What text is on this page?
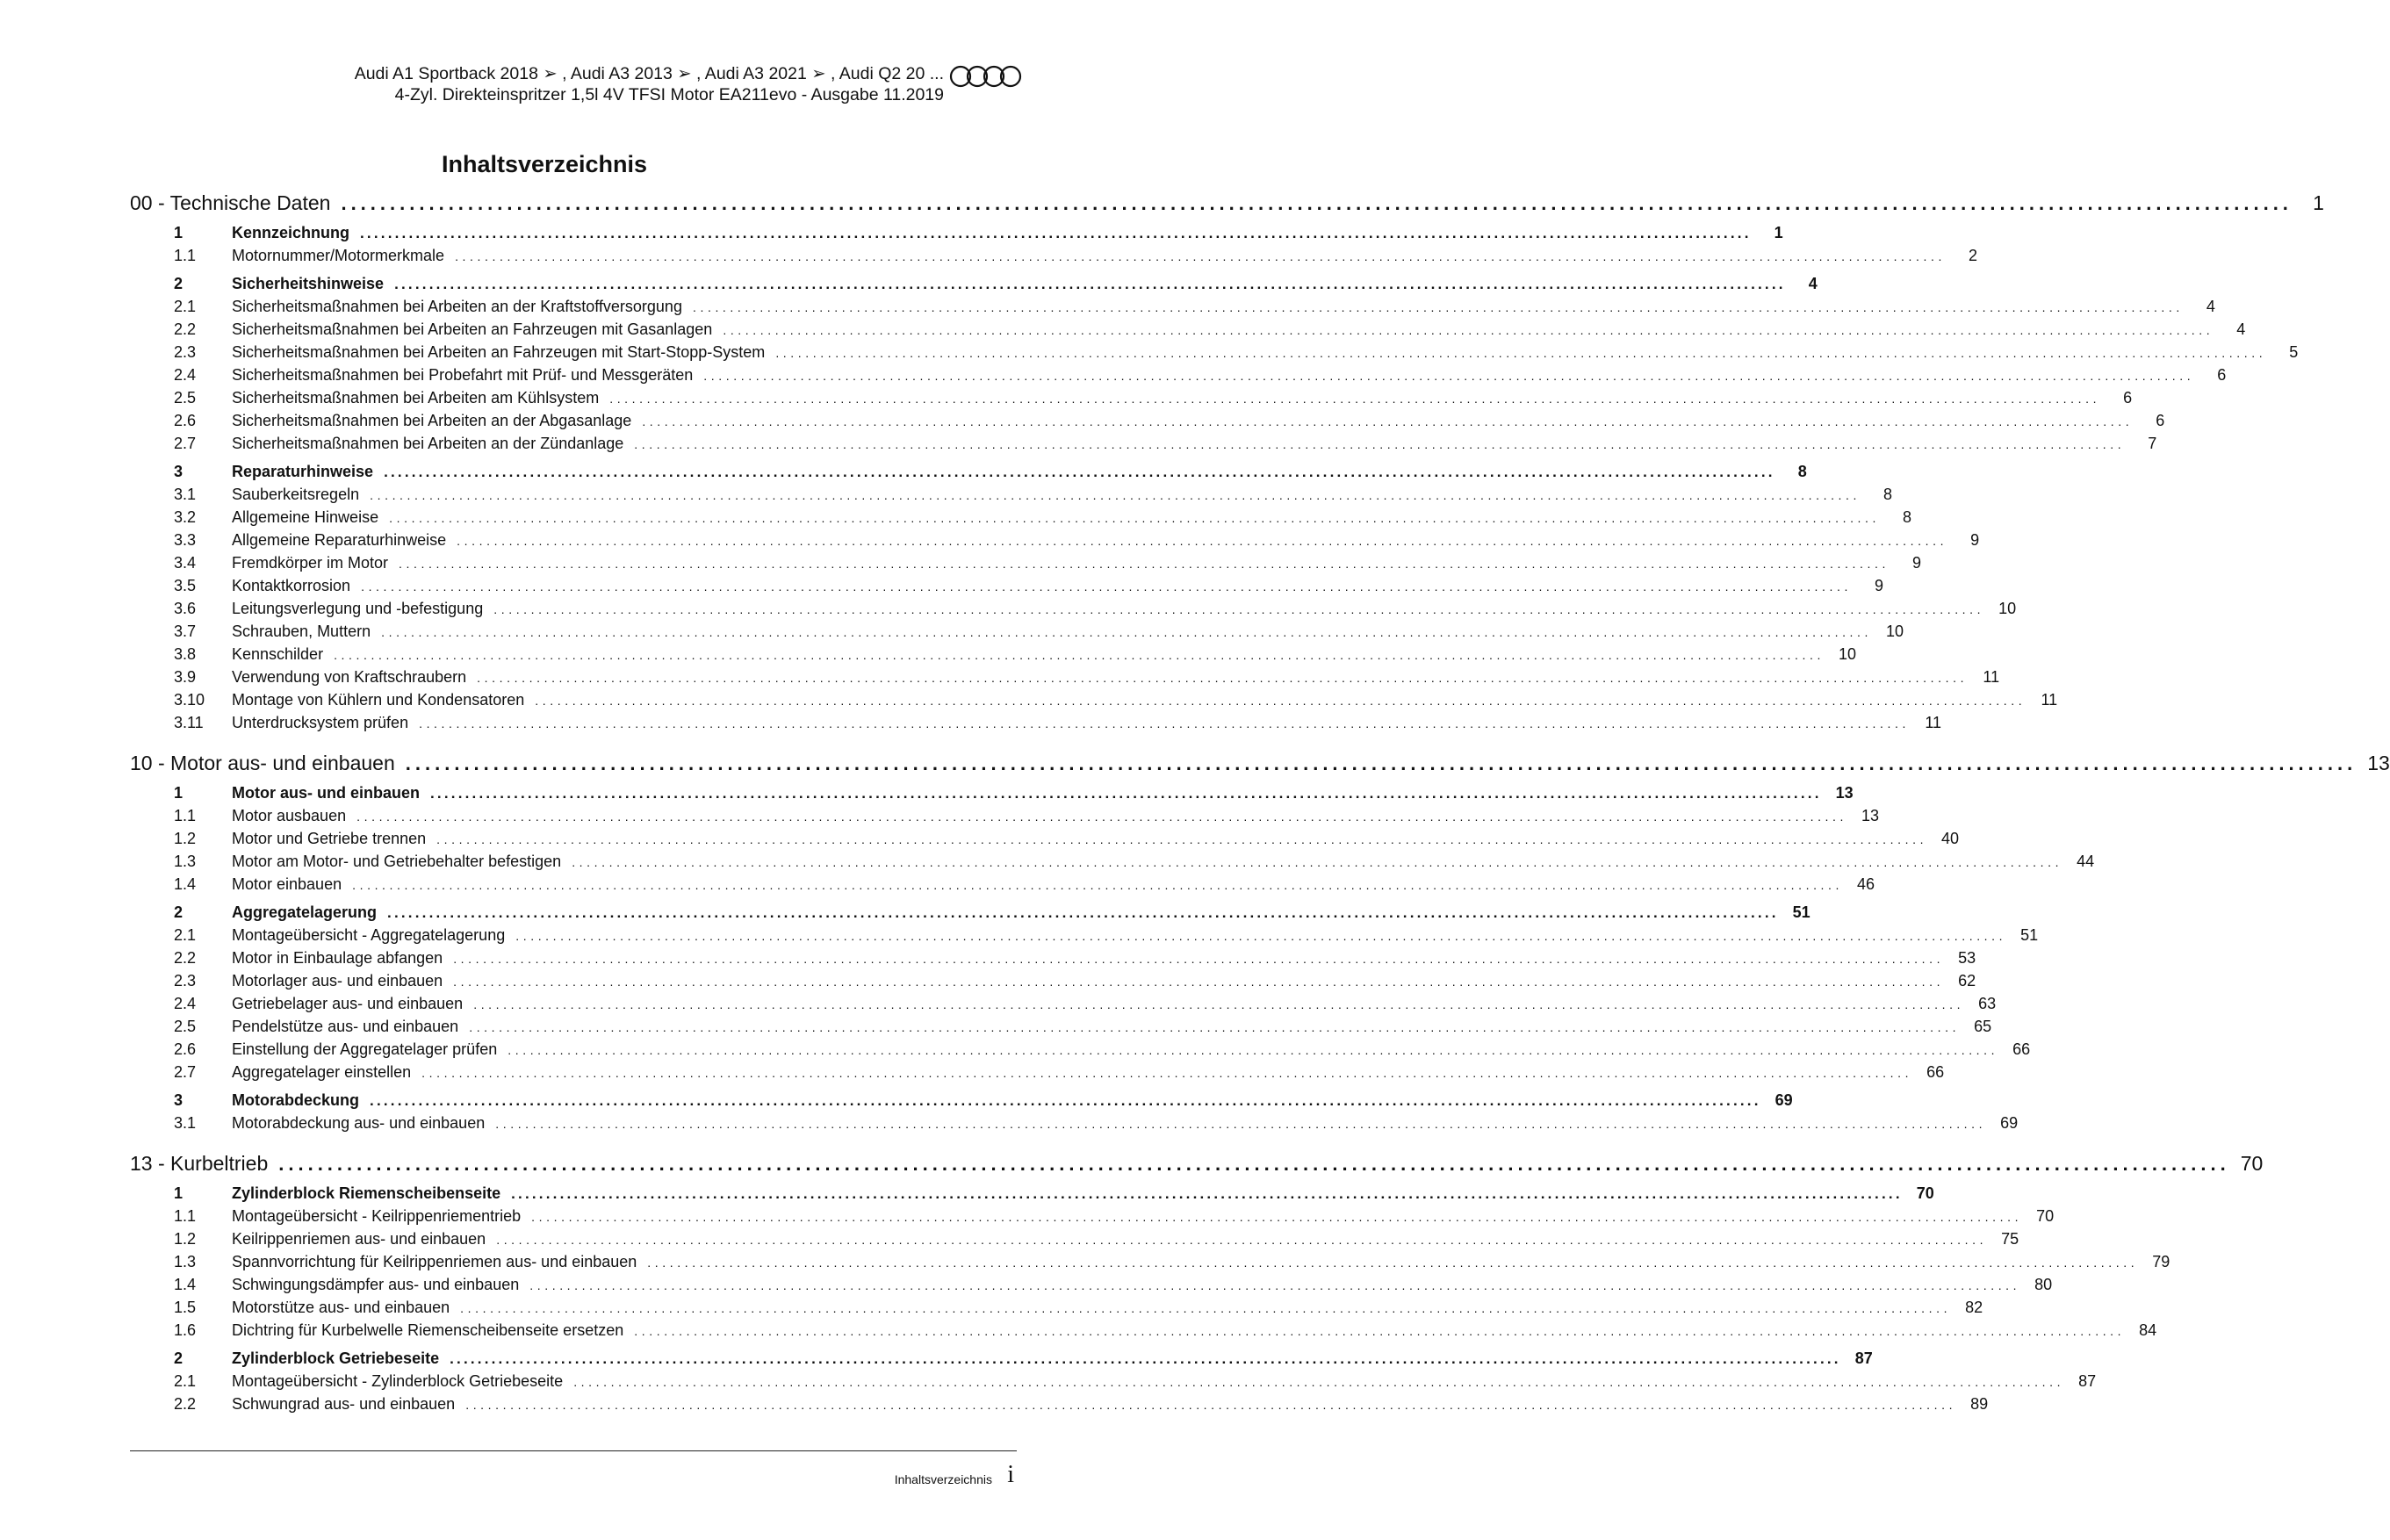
Audi A1 Sportback 2018 ➢ , Audi A3 2013 ➢ , Audi A3 2021 ➢ , Audi Q2 20 ...
4-Zyl. Direkteinspritzer 1,5l 4V TFSI Motor EA211evo - Ausgabe 11.2019
Inhaltsverzeichnis
00 - Technische Daten ........................................................................................................................................................................................................	1
1	Kennzeichnung ........................................................................................................................................................................................................	1
1.1	Motornummer/Motormerkmale ........................................................................................................................................................................................................	2
2	Sicherheitshinweise ........................................................................................................................................................................................................	4
2.1	Sicherheitsmaßnahmen bei Arbeiten an der Kraftstoffversorgung ........................................................................................................................................................................................................	4
2.2	Sicherheitsmaßnahmen bei Arbeiten an Fahrzeugen mit Gasanlagen ........................................................................................................................................................................................................	4
2.3	Sicherheitsmaßnahmen bei Arbeiten an Fahrzeugen mit Start-Stopp-System ........................................................................................................................................................................................................	5
2.4	Sicherheitsmaßnahmen bei Probefahrt mit Prüf- und Messgeräten ........................................................................................................................................................................................................	6
2.5	Sicherheitsmaßnahmen bei Arbeiten am Kühlsystem ........................................................................................................................................................................................................	6
2.6	Sicherheitsmaßnahmen bei Arbeiten an der Abgasanlage ........................................................................................................................................................................................................	6
2.7	Sicherheitsmaßnahmen bei Arbeiten an der Zündanlage ........................................................................................................................................................................................................	7
3	Reparaturhinweise ........................................................................................................................................................................................................	8
3.1	Sauberkeitsregeln ........................................................................................................................................................................................................	8
3.2	Allgemeine Hinweise ........................................................................................................................................................................................................	8
3.3	Allgemeine Reparaturhinweise ........................................................................................................................................................................................................	9
3.4	Fremdkörper im Motor ........................................................................................................................................................................................................	9
3.5	Kontaktkorrosion ........................................................................................................................................................................................................	9
3.6	Leitungsverlegung und -befestigung ........................................................................................................................................................................................................ 10
3.7	Schrauben, Muttern ........................................................................................................................................................................................................ 10
3.8	Kennschilder ........................................................................................................................................................................................................ 10
3.9	Verwendung von Kraftschraubern ........................................................................................................................................................................................................ 11
3.10	Montage von Kühlern und Kondensatoren ........................................................................................................................................................................................................ 11
3.11	Unterdrucksystem prüfen ........................................................................................................................................................................................................ 11
10 - Motor aus- und einbauen ........................................................................................................................................................................................................ 13
1	Motor aus- und einbauen ........................................................................................................................................................................................................ 13
1.1	Motor ausbauen ........................................................................................................................................................................................................ 13
1.2	Motor und Getriebe trennen ........................................................................................................................................................................................................ 40
1.3	Motor am Motor- und Getriebehalter befestigen ........................................................................................................................................................................................................ 44
1.4	Motor einbauen ........................................................................................................................................................................................................ 46
2	Aggregatelagerung ........................................................................................................................................................................................................ 51
2.1	Montageübersicht - Aggregatelagerung ........................................................................................................................................................................................................ 51
2.2	Motor in Einbaulage abfangen ........................................................................................................................................................................................................ 53
2.3	Motorlager aus- und einbauen ........................................................................................................................................................................................................ 62
2.4	Getriebelager aus- und einbauen ........................................................................................................................................................................................................ 63
2.5	Pendelstütze aus- und einbauen ........................................................................................................................................................................................................ 65
2.6	Einstellung der Aggregatelager prüfen ........................................................................................................................................................................................................ 66
2.7	Aggregatelager einstellen ........................................................................................................................................................................................................ 66
3	Motorabdeckung ........................................................................................................................................................................................................ 69
3.1	Motorabdeckung aus- und einbauen ........................................................................................................................................................................................................ 69
13 - Kurbeltrieb ........................................................................................................................................................................................................ 70
1	Zylinderblock Riemenscheibenseite ........................................................................................................................................................................................................ 70
1.1	Montageübersicht - Keilrippenriementrieb ........................................................................................................................................................................................................ 70
1.2	Keilrippenriemen aus- und einbauen ........................................................................................................................................................................................................ 75
1.3	Spannvorrichtung für Keilrippenriemen aus- und einbauen ........................................................................................................................................................................................................ 79
1.4	Schwingungsdämpfer aus- und einbauen ........................................................................................................................................................................................................ 80
1.5	Motorstütze aus- und einbauen ........................................................................................................................................................................................................ 82
1.6	Dichtring für Kurbelwelle Riemenscheibenseite ersetzen ........................................................................................................................................................................................................ 84
2	Zylinderblock Getriebeseite ........................................................................................................................................................................................................ 87
2.1	Montageübersicht - Zylinderblock Getriebeseite ........................................................................................................................................................................................................ 87
2.2	Schwungrad aus- und einbauen ........................................................................................................................................................................................................ 89
Inhaltsverzeichnis i
